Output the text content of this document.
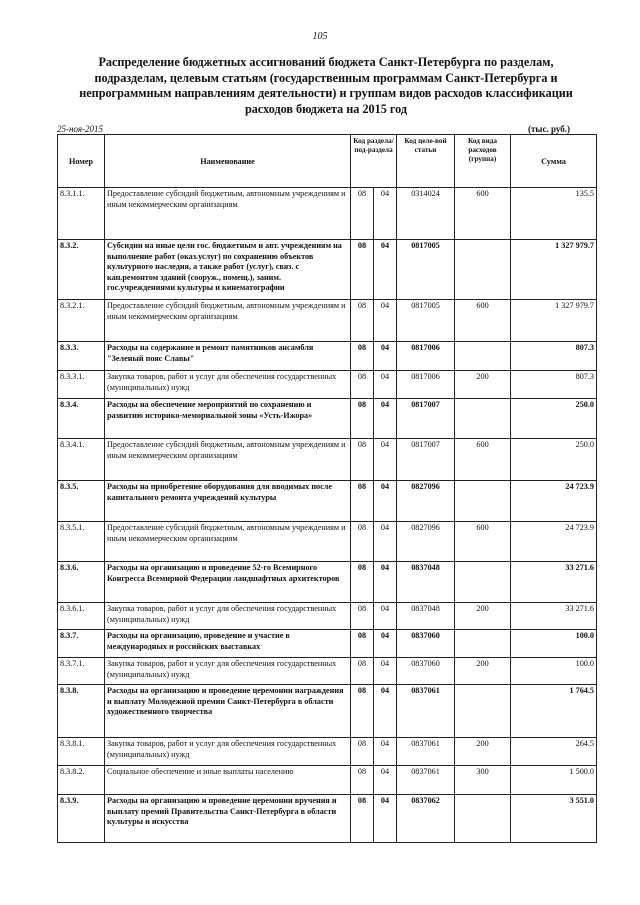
105
Распределение бюджетных ассигнований бюджета Санкт-Петербурга по разделам,
подразделам, целевым статьям (государственным программам Санкт-Петербурга и
непрограммным направлениям деятельности) и группам видов расходов классификации
расходов бюджета на 2015 год
25-ноя-2015	(тыс. руб.)
Номер	Наименование	Код раздела/ под-раздела		Код целе-вой статьи	Код вида расходов (группа)	Сумма
8.3.1.1.	Предоставление субсидий бюджетным, автономным учреждениям и иным некоммерческим организациям	08	04	0314024	600	135.5
8.3.2.	Субсидии на иные цели гос. бюджетным и авт. учреждениям на выполнение работ (оказ.услуг) по сохранению объектов культурного наследия, а также работ (услуг), связ. с кап.ремонтом зданий (сооруж., помещ.), заним. гос.учреждениями культуры и кинематографии	08	04	0817005		1 327 979.7
8.3.2.1.	Предоставление субсидий бюджетным, автономным учреждениям и иным некоммерческим организациям	08	04	0817005	600	1 327 979.7
8.3.3.	Расходы на содержание и ремонт памятников ансамбля "Зеленый пояс Славы"	08	04	0817006		807.3
8.3.3.1.	Закупка товаров, работ и услуг для обеспечения государственных (муниципальных) нужд	08	04	0817006	200	807.3
8.3.4.	Расходы на обеспечение мероприятий по сохранению и развитию историко-мемориальной зоны «Усть-Ижора»	08	04	0817007		250.0
8.3.4.1.	Предоставление субсидий бюджетным, автономным учреждениям и иным некоммерческим организациям	08	04	0817007	600	250.0
8.3.5.	Расходы на приобретение оборудования для вводимых после капитального ремонта учреждений культуры	08	04	0827096		24 723.9
8.3.5.1.	Предоставление субсидий бюджетным, автономным учреждениям и иным некоммерческим организациям	08	04	0827096	600	24 723.9
8.3.6.	Расходы на организацию и проведение 52-го Всемирного Конгресса Всемирной Федерации ландшафтных архитекторов	08	04	0837048		33 271.6
8.3.6.1.	Закупка товаров, работ и услуг для обеспечения государственных (муниципальных) нужд	08	04	0837048	200	33 271.6
8.3.7.	Расходы на организацию, проведение и участие в международных и российских выставках	08	04	0837060		100.0
8.3.7.1.	Закупка товаров, работ и услуг для обеспечения государственных (муниципальных) нужд	08	04	0837060	200	100.0
8.3.8.	Расходы на организацию и проведение церемонии награждения и выплату Молодежной премии Санкт-Петербурга в области художественного творчества	08	04	0837061		1 764.5
8.3.8.1.	Закупка товаров, работ и услуг для обеспечения государственных (муниципальных) нужд	08	04	0837061	200	264.5
8.3.8.2.	Социальное обеспечение и иные выплаты населению	08	04	0837061	300	1 500.0
8.3.9.	Расходы на организацию и проведение церемонии вручения и выплату премий Правительства Санкт-Петербурга в области культуры и искусства	08	04	0837062		3 551.0
